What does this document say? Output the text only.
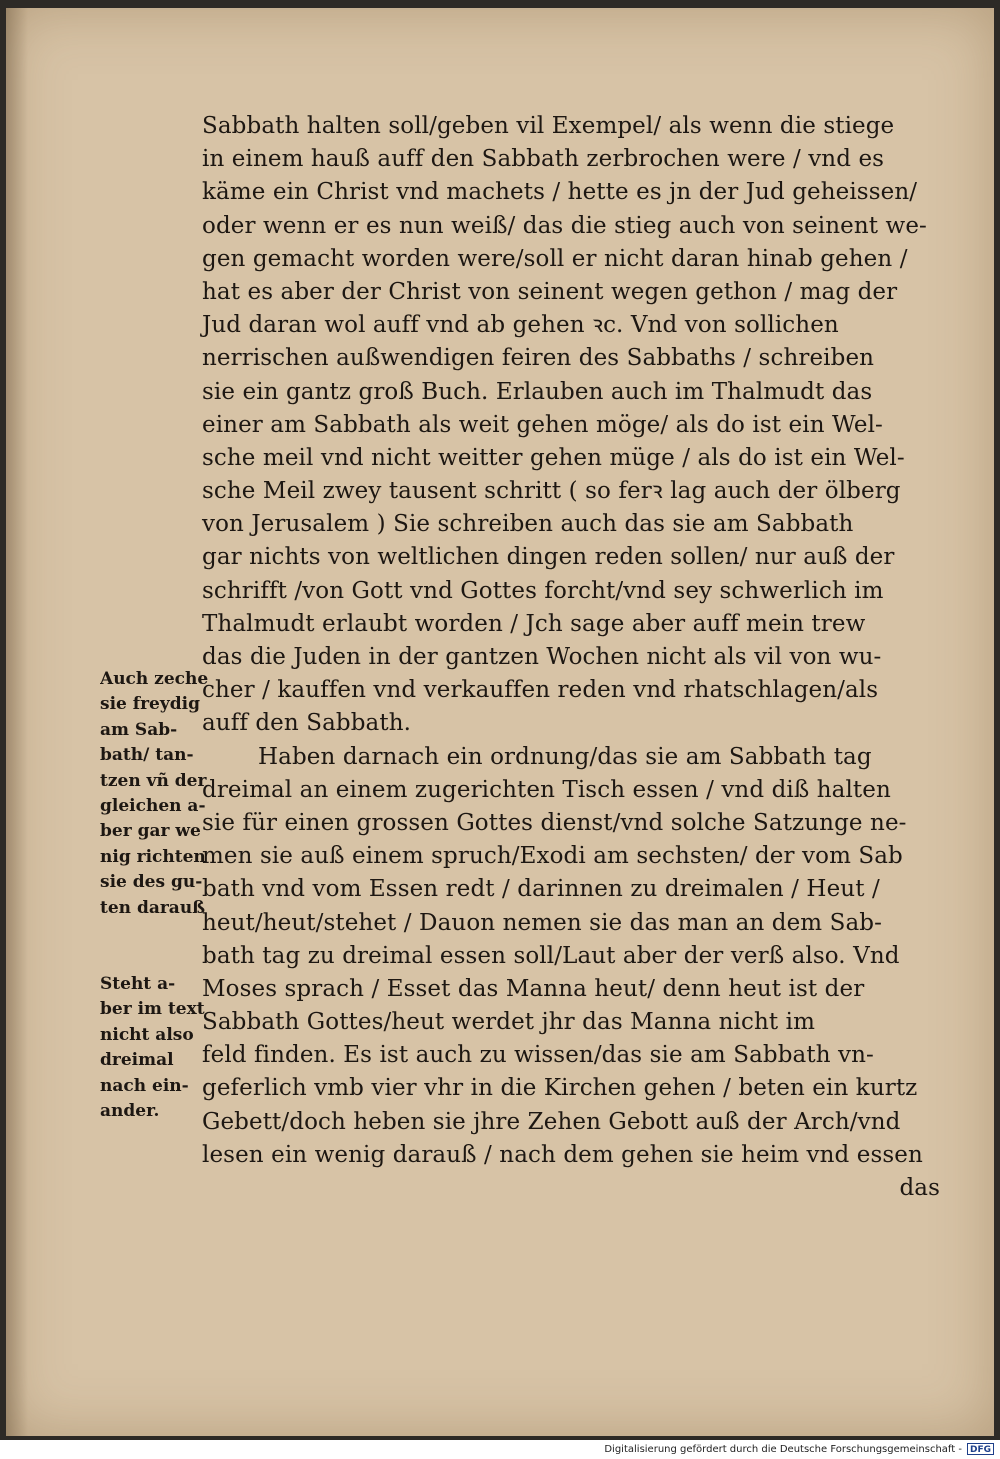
Sabbath halten soll/geben vil Exempel/ als wenn die stiege
in einem hauß auff den Sabbath zerbrochen were / vnd es
käme ein Christ vnd machets / hette es jn der Jud geheissen/
oder wenn er es nun weiß/ das die stieg auch von seinent we-
gen gemacht worden were/soll er nicht daran hinab gehen /
hat es aber der Christ von seinent wegen gethon / mag der
Jud daran wol auff vnd ab gehen ꝛc. Vnd von sollichen
nerrischen außwendigen feiren des Sabbaths / schreiben
sie ein gantz groß Buch. Erlauben auch im Thalmudt das
einer am Sabbath als weit gehen möge/ als do ist ein Wel-
sche meil vnd nicht weitter gehen müge / als do ist ein Wel-
sche Meil zwey tausent schritt ( so ferꝛ lag auch der ölberg
von Jerusalem ) Sie schreiben auch das sie am Sabbath
gar nichts von weltlichen dingen reden sollen/ nur auß der
schrifft /von Gott vnd Gottes forcht/vnd sey schwerlich im
Thalmudt erlaubt worden / Jch sage aber auff mein trew
das die Juden in der gantzen Wochen nicht als vil von wu-
cher / kauffen vnd verkauffen reden vnd rhatschlagen/als
auff den Sabbath.
Haben darnach ein ordnung/das sie am Sabbath tag
dreimal an einem zugerichten Tisch essen / vnd diß halten
sie für einen grossen Gottes dienst/vnd solche Satzunge ne-
men sie auß einem spruch/Exodi am sechsten/ der vom Sab
bath vnd vom Essen redt / darinnen zu dreimalen / Heut /
heut/heut/stehet / Dauon nemen sie das man an dem Sab-
bath tag zu dreimal essen soll/Laut aber der verß also. Vnd
Moses sprach / Esset das Manna heut/ denn heut ist der
Sabbath Gottes/heut werdet jhr das Manna nicht im
feld finden. Es ist auch zu wissen/das sie am Sabbath vn-
geferlich vmb vier vhr in die Kirchen gehen / beten ein kurtz
Gebett/doch heben sie jhre Zehen Gebott auß der Arch/vnd
lesen ein wenig darauß / nach dem gehen sie heim vnd essen
das
Auch zeche
sie freydig
am Sab-
bath/ tan-
tzen vñ der
gleichen a-
ber gar we
nig richten
sie des gu-
ten darauß
Steht a-
ber im text
nicht also
dreimal
nach ein-
ander.
Digitalisierung gefördert durch die Deutsche Forschungsgemeinschaft - DFG
